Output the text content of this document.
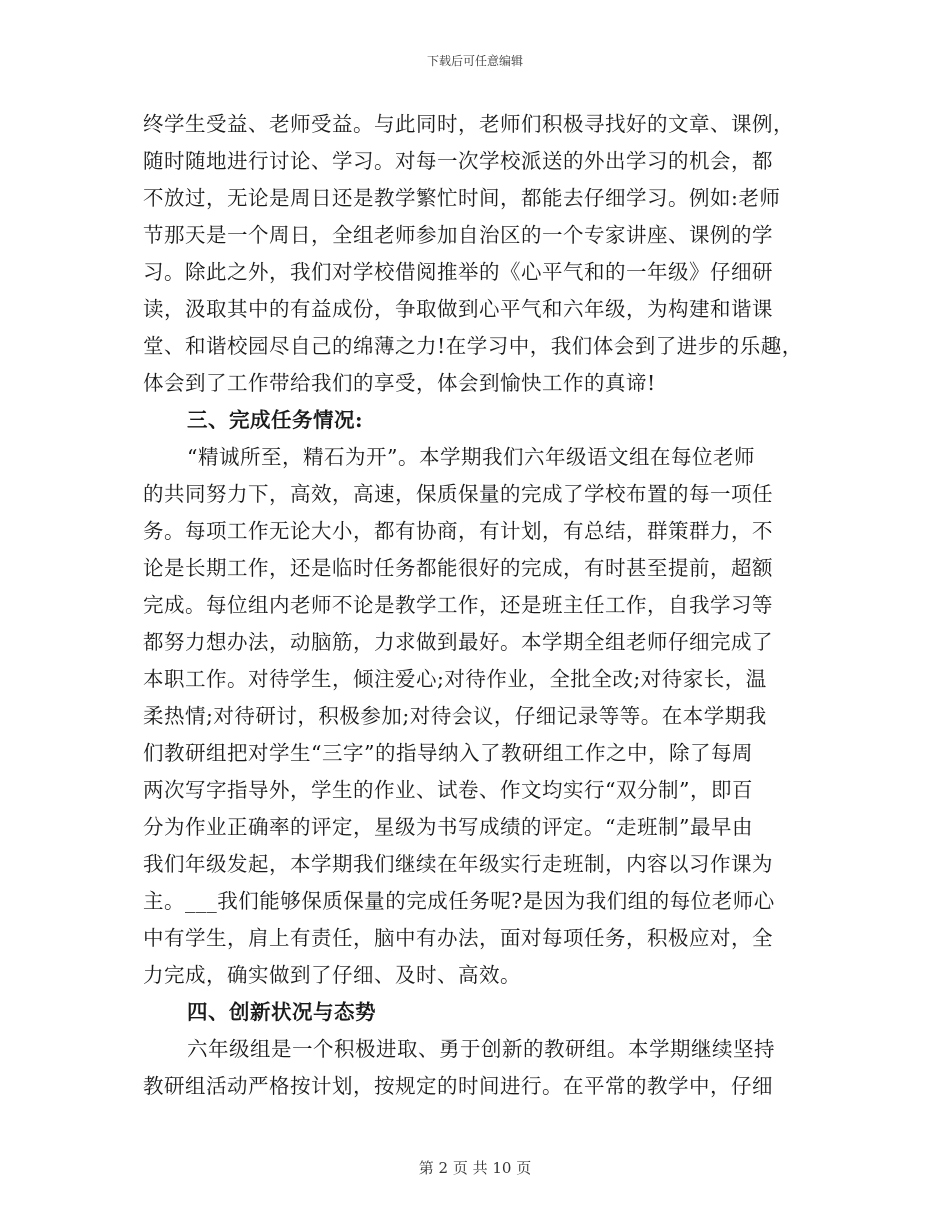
下载后可任意编辑
终学生受益、老师受益。与此同时，老师们积极寻找好的文章、课例，
随时随地进行讨论、学习。对每一次学校派送的外出学习的机会，都
不放过，无论是周日还是教学繁忙时间，都能去仔细学习。例如:老师
节那天是一个周日，全组老师参加自治区的一个专家讲座、课例的学
习。除此之外，我们对学校借阅推举的《心平气和的一年级》仔细研
读，汲取其中的有益成份，争取做到心平气和六年级，为构建和谐课
堂、和谐校园尽自己的绵薄之力!在学习中，我们体会到了进步的乐趣，
体会到了工作带给我们的享受，体会到愉快工作的真谛!
三、完成任务情况:
“精诚所至，精石为开”。本学期我们六年级语文组在每位老师
的共同努力下，高效，高速，保质保量的完成了学校布置的每一项任
务。每项工作无论大小，都有协商，有计划，有总结，群策群力，不
论是长期工作，还是临时任务都能很好的完成，有时甚至提前，超额
完成。每位组内老师不论是教学工作，还是班主任工作，自我学习等
都努力想办法，动脑筋，力求做到最好。本学期全组老师仔细完成了
本职工作。对待学生，倾注爱心;对待作业，全批全改;对待家长，温
柔热情;对待研讨，积极参加;对待会议，仔细记录等等。在本学期我
们教研组把对学生“三字”的指导纳入了教研组工作之中，除了每周
两次写字指导外，学生的作业、试卷、作文均实行“双分制”，即百
分为作业正确率的评定，星级为书写成绩的评定。“走班制”最早由
我们年级发起，本学期我们继续在年级实行走班制，内容以习作课为
主。___我们能够保质保量的完成任务呢?是因为我们组的每位老师心
中有学生，肩上有责任，脑中有办法，面对每项任务，积极应对，全
力完成，确实做到了仔细、及时、高效。
四、创新状况与态势
六年级组是一个积极进取、勇于创新的教研组。本学期继续坚持
教研组活动严格按计划，按规定的时间进行。在平常的教学中，仔细
第 2 页 共 10 页
